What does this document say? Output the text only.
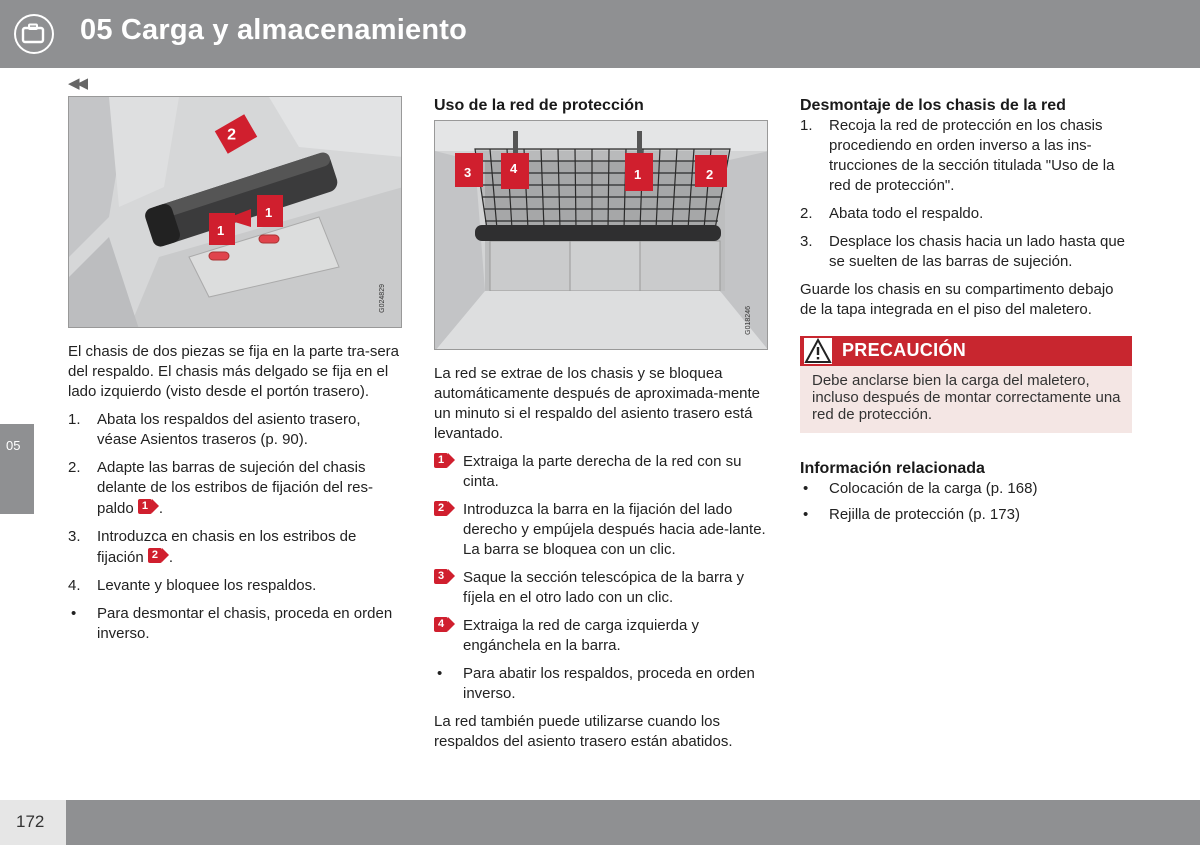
05 Carga y almacenamiento
◀◀
05
2
1
1
G024829

El chasis de dos piezas se fija en la parte tra-sera del respaldo. El chasis más delgado se fija en el lado izquierdo (visto desde el portón trasero).

1. Abata los respaldos del asiento trasero, véase Asientos traseros (p. 90).
2. Adapte las barras de sujeción del chasis delante de los estribos de fijación del res-paldo 1 .
3. Introduzca en chasis en los estribos de fijación 2 .
4. Levante y bloquee los respaldos.
• Para desmontar el chasis, proceda en orden inverso.
Uso de la red de protección
3	4	1	2
G018246

La red se extrae de los chasis y se bloquea automáticamente después de aproximada-mente un minuto si el respaldo del asiento trasero está levantado.

1 Extraiga la parte derecha de la red con su cinta.
2 Introduzca la barra en la fijación del lado derecho y empújela después hacia ade-lante. La barra se bloquea con un clic.
3 Saque la sección telescópica de la barra y fíjela en el otro lado con un clic.
4 Extraiga la red de carga izquierda y engánchela en la barra.
• Para abatir los respaldos, proceda en orden inverso.

La red también puede utilizarse cuando los respaldos del asiento trasero están abatidos.

Desmontaje de los chasis de la red
1. Recoja la red de protección en los chasis procediendo en orden inverso a las ins-trucciones de la sección titulada "Uso de la red de protección".
2. Abata todo el respaldo.
3. Desplace los chasis hacia un lado hasta que se suelten de las barras de sujeción.

Guarde los chasis en su compartimento debajo de la tapa integrada en el piso del maletero.

PRECAUCIÓN
Debe anclarse bien la carga del maletero, incluso después de montar correctamente una red de protección.
Información relacionada
• Colocación de la carga (p. 168)
• Rejilla de protección (p. 173)
172
